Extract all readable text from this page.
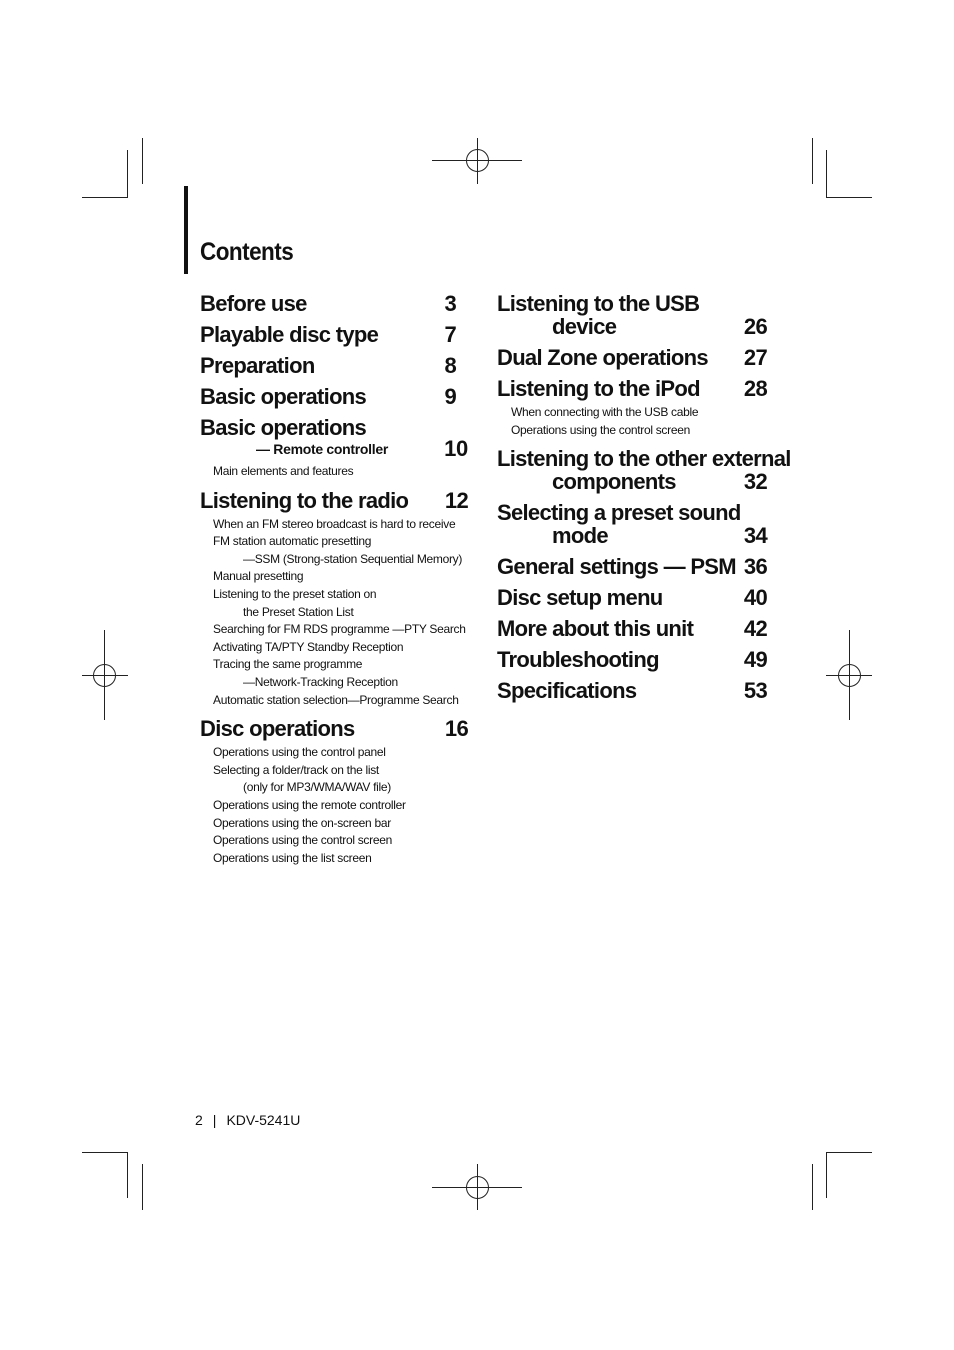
Contents
Before use	3
Playable disc type	7
Preparation	8
Basic operations	9
Basic operations
— Remote controller	10
Main elements and features
Listening to the radio	12
When an FM stereo broadcast is hard to receive
FM station automatic presetting
—SSM (Strong-station Sequential Memory)
Manual presetting
Listening to the preset station on
the Preset Station List
Searching for FM RDS programme —PTY Search
Activating TA/PTY Standby Reception
Tracing the same programme
—Network-Tracking Reception
Automatic station selection—Programme Search
Disc operations	16
Operations using the control panel
Selecting a folder/track on the list
(only for MP3/WMA/WAV file)
Operations using the remote controller
Operations using the on-screen bar
Operations using the control screen
Operations using the list screen
Listening to the USB
device	26
Dual Zone operations	27
Listening to the iPod	28
When connecting with the USB cable
Operations using the control screen
Listening to the other external
components	32
Selecting a preset sound
mode	34
General settings — PSM 36
Disc setup menu	40
More about this unit	42
Troubleshooting	49
Specifications	53
2 | KDV-5241U
